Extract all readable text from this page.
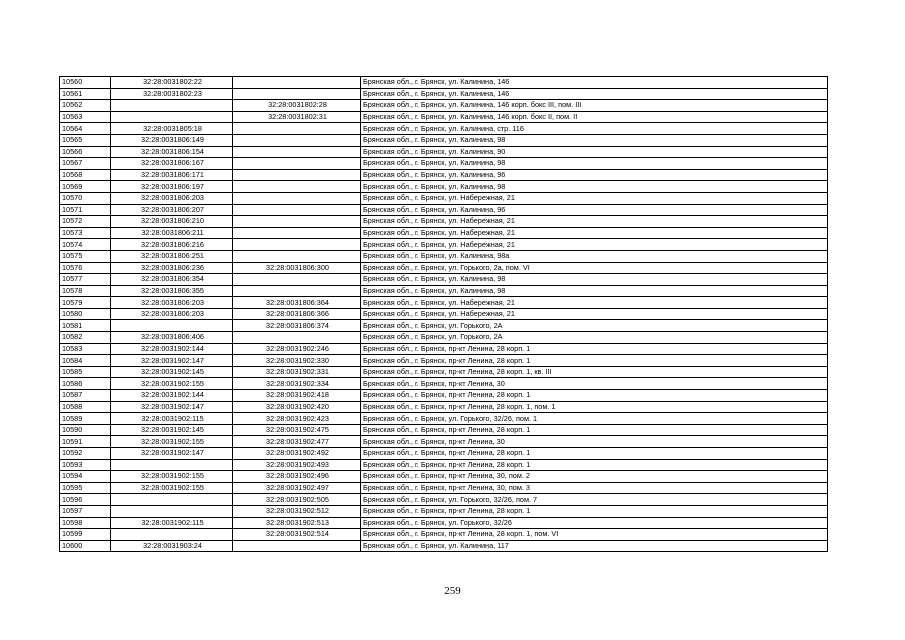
10560	32:28:0031802:22		Брянская обл., г. Брянск, ул. Калинина, 146
10561	32:28:0031802:23		Брянская обл., г. Брянск, ул. Калинина, 146
10562		32:28:0031802:28	Брянская обл., г. Брянск, ул. Калинина, 146 корп. бокс III, пом. III
10563		32:28:0031802:31	Брянская обл., г. Брянск, ул. Калинина, 146 корп. бокс II, пом. II
10564	32:28:0031805:18		Брянская обл., г. Брянск, ул. Калинина, стр. 116
10565	32:28:0031806:149		Брянская обл., г. Брянск, ул. Калинина, 98
10566	32:28:0031806:154		Брянская обл., г. Брянск, ул. Калинина, 90
10567	32:28:0031806:167		Брянская обл., г. Брянск, ул. Калинина, 98
10568	32:28:0031806:171		Брянская обл., г. Брянск, ул. Калинина, 96
10569	32:28:0031806:197		Брянская обл., г. Брянск, ул. Калинина, 98
10570	32:28:0031806:203		Брянская обл., г. Брянск, ул. Набережная, 21
10571	32:28:0031806:207		Брянская обл., г. Брянск, ул. Калинина, 96
10572	32:28:0031806:210		Брянская обл., г. Брянск, ул. Набережная, 21
10573	32:28:0031806:211		Брянская обл., г. Брянск, ул. Набережная, 21
10574	32:28:0031806:216		Брянская обл., г. Брянск, ул. Набережная, 21
10575	32:28:0031806:251		Брянская обл., г. Брянск, ул. Калинина, 98а
10576	32:28:0031806:236	32:28:0031806:300	Брянская обл., г. Брянск, ул. Горького, 2а, пом. VI
10577	32:28:0031806:354		Брянская обл., г. Брянск, ул. Калинина, 98
10578	32:28:0031806:355		Брянская обл., г. Брянск, ул. Калинина, 98
10579	32:28:0031806:203	32:28:0031806:364	Брянская обл., г. Брянск, ул. Набережная, 21
10580	32:28:0031806:203	32:28:0031806:366	Брянская обл., г. Брянск, ул. Набережная, 21
10581		32:28:0031806:374	Брянская обл., г. Брянск, ул. Горького, 2А
10582	32:28:0031806:406		Брянская обл., г. Брянск, ул. Горького, 2А
10583	32:28:0031902:144	32:28:0031902:246	Брянская обл., г. Брянск, пр-кт Ленина, 28 корп. 1
10584	32:28:0031902:147	32:28:0031902:330	Брянская обл., г. Брянск, пр-кт Ленина, 28 корп. 1
10585	32:28:0031902:145	32:28:0031902:331	Брянская обл., г. Брянск, пр-кт Ленина, 28 корп. 1, кв. III
10586	32:28:0031902:155	32:28:0031902:334	Брянская обл., г. Брянск, пр-кт Ленина, 30
10587	32:28:0031902:144	32:28:0031902:418	Брянская обл., г. Брянск, пр-кт Ленина, 28 корп. 1
10588	32:28:0031902:147	32:28:0031902:420	Брянская обл., г. Брянск, пр-кт Ленина, 28 корп. 1, пом. 1
10589	32:28:0031902:115	32:28:0031902:423	Брянская обл., г. Брянск, ул. Горького, 32/26, пом. 1
10590	32:28:0031902:145	32:28:0031902:475	Брянская обл., г. Брянск, пр-кт Ленина, 28 корп. 1
10591	32:28:0031902:155	32:28:0031902:477	Брянская обл., г. Брянск, пр-кт Ленина, 30
10592	32:28:0031902:147	32:28:0031902:492	Брянская обл., г. Брянск, пр-кт Ленина, 28 корп. 1
10593		32:28:0031902:493	Брянская обл., г. Брянск, пр-кт Ленина, 28 корп. 1
10594	32:28:0031902:155	32:28:0031902:496	Брянская обл., г. Брянск, пр-кт Ленина, 30, пом. 2
10595	32:28:0031902:155	32:28:0031902:497	Брянская обл., г. Брянск, пр-кт Ленина, 30, пом. 3
10596		32:28:0031902:505	Брянская обл., г. Брянск, ул. Горького, 32/26, пом. 7
10597		32:28:0031902:512	Брянская обл., г. Брянск, пр-кт Ленина, 28 корп. 1
10598	32:28:0031902:115	32:28:0031902:513	Брянская обл., г. Брянск, ул. Горького, 32/26
10599		32:28:0031902:514	Брянская обл., г. Брянск, пр-кт Ленина, 28 корп. 1, пом. VI
10600	32:28:0031903:24		Брянская обл., г. Брянск, ул. Калинина, 117
259
